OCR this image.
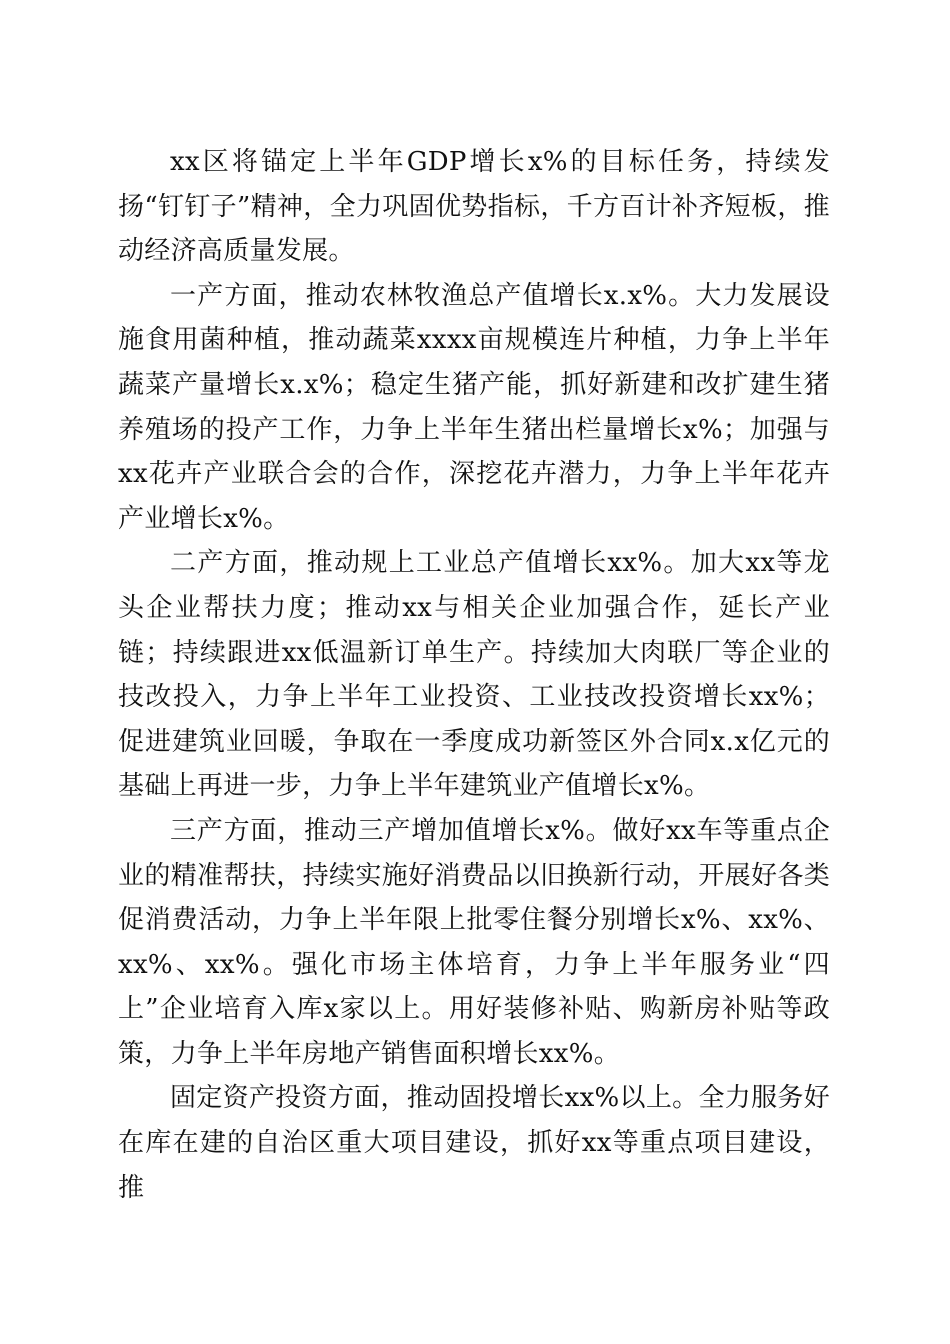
xx区将锚定上半年GDP增长x%的目标任务，持续发扬“钉钉子”精神，全力巩固优势指标，千方百计补齐短板，推动经济高质量发展。

一产方面，推动农林牧渔总产值增长x.x%。大力发展设施食用菌种植，推动蔬菜xxxx亩规模连片种植，力争上半年蔬菜产量增长x.x%；稳定生猪产能，抓好新建和改扩建生猪养殖场的投产工作，力争上半年生猪出栏量增长x%；加强与xx花卉产业联合会的合作，深挖花卉潜力，力争上半年花卉产业增长x%。

二产方面，推动规上工业总产值增长xx%。加大xx等龙头企业帮扶力度；推动xx与相关企业加强合作，延长产业链；持续跟进xx低温新订单生产。持续加大肉联厂等企业的技改投入，力争上半年工业投资、工业技改投资增长xx%；促进建筑业回暖，争取在一季度成功新签区外合同x.x亿元的基础上再进一步，力争上半年建筑业产值增长x%。

三产方面，推动三产增加值增长x%。做好xx车等重点企业的精准帮扶，持续实施好消费品以旧换新行动，开展好各类促消费活动，力争上半年限上批零住餐分别增长x%、xx%、xx%、xx%。强化市场主体培育，力争上半年服务业“四上”企业培育入库x家以上。用好装修补贴、购新房补贴等政策，力争上半年房地产销售面积增长xx%。

固定资产投资方面，推动固投增长xx%以上。全力服务好在库在建的自治区重大项目建设，抓好xx等重点项目建设，推
